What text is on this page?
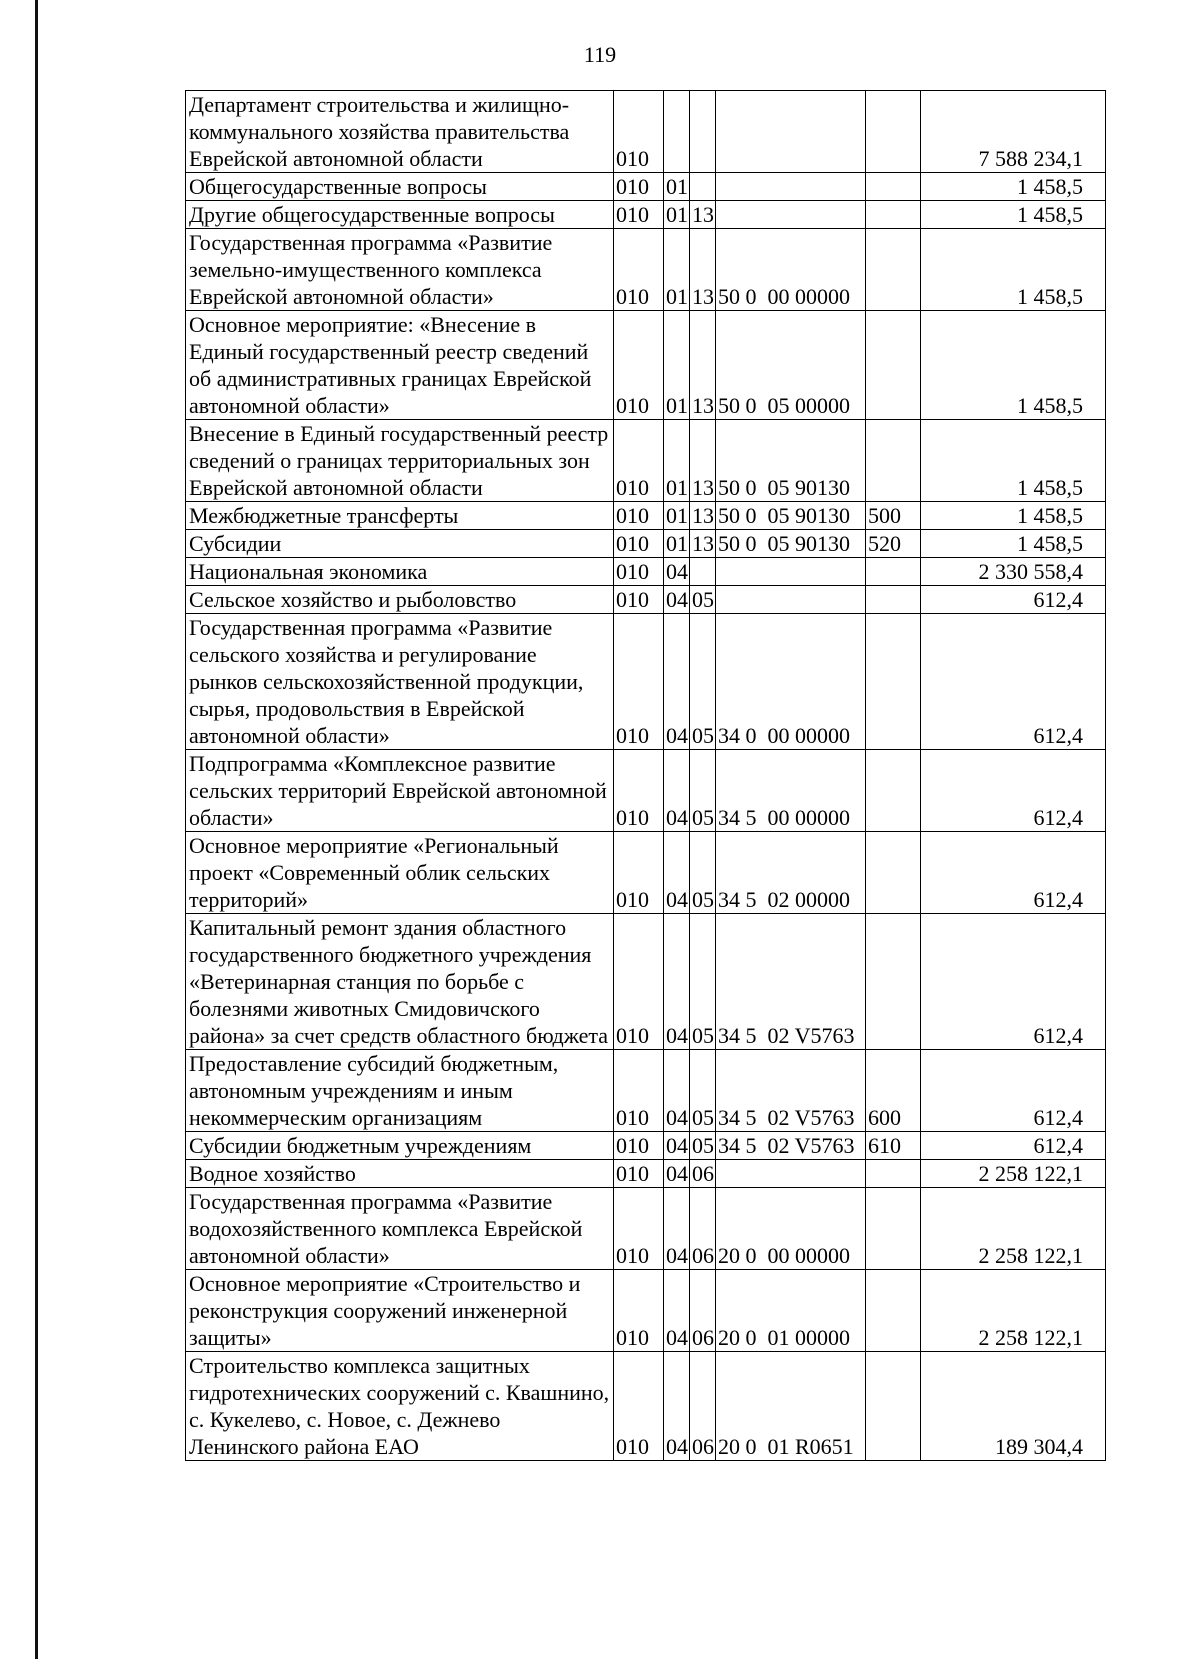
119
Департамент строительства и жилищно-коммунального хозяйства правительства Еврейской автономной области	010					7 588 234,1
Общегосударственные вопросы	010	01				1 458,5
Другие общегосударственные вопросы	010	01	13			1 458,5
Государственная программа «Развитие земельно-имущественного комплекса Еврейской автономной области»	010	01	13	50 0  00 00000		1 458,5
Основное мероприятие: «Внесение в Единый государственный реестр сведений об административных границах Еврейской автономной области»	010	01	13	50 0  05 00000		1 458,5
Внесение в Единый государственный реестр сведений о границах территориальных зон Еврейской автономной области	010	01	13	50 0  05 90130		1 458,5
Межбюджетные трансферты	010	01	13	50 0  05 90130	500	1 458,5
Субсидии	010	01	13	50 0  05 90130	520	1 458,5
Национальная экономика	010	04				2 330 558,4
Сельское хозяйство и рыболовство	010	04	05			612,4
Государственная программа «Развитие сельского хозяйства и регулирование рынков сельскохозяйственной продукции, сырья, продовольствия в Еврейской автономной области»	010	04	05	34 0  00 00000		612,4
Подпрограмма «Комплексное развитие сельских территорий Еврейской автономной области»	010	04	05	34 5  00 00000		612,4
Основное мероприятие «Региональный проект «Современный облик сельских территорий»	010	04	05	34 5  02 00000		612,4
Капитальный ремонт здания областного государственного бюджетного учреждения «Ветеринарная станция по борьбе с болезнями животных Смидовичского района» за счет средств областного бюджета	010	04	05	34 5  02 V5763		612,4
Предоставление субсидий бюджетным, автономным учреждениям и иным некоммерческим организациям	010	04	05	34 5  02 V5763	600	612,4
Субсидии бюджетным учреждениям	010	04	05	34 5  02 V5763	610	612,4
Водное хозяйство	010	04	06			2 258 122,1
Государственная программа «Развитие водохозяйственного комплекса Еврейской автономной области»	010	04	06	20 0  00 00000		2 258 122,1
Основное мероприятие «Строительство и реконструкция сооружений инженерной защиты»	010	04	06	20 0  01 00000		2 258 122,1
Строительство комплекса защитных гидротехнических сооружений с. Квашнино, с. Кукелево, с. Новое, с. Дежнево Ленинского района ЕАО	010	04	06	20 0  01 R0651		189 304,4
